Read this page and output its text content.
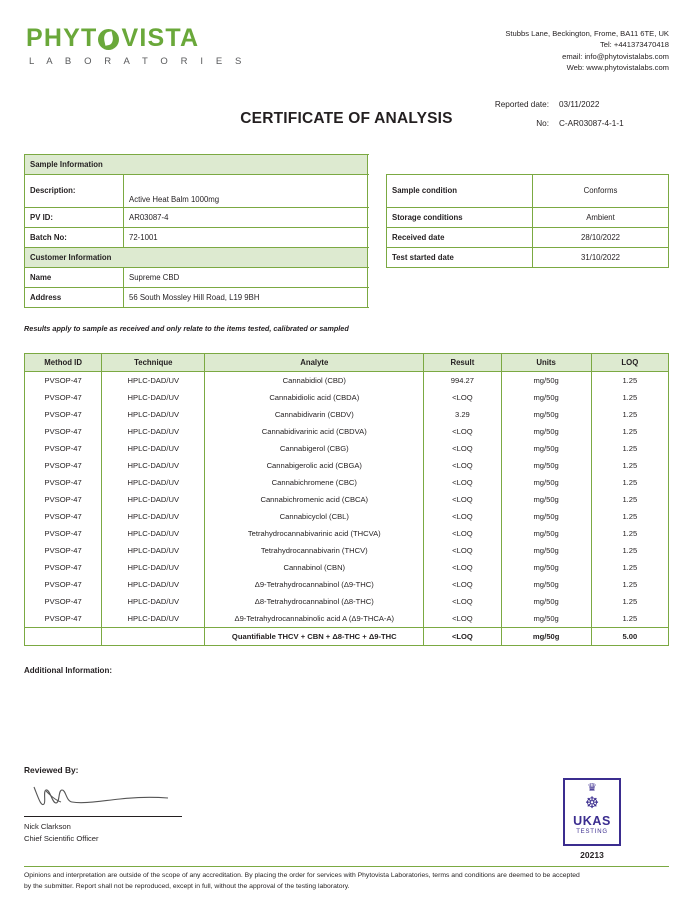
PHYT VISTA
L A B O R A T O R I E S
Stubbs Lane, Beckington, Frome, BA11 6TE, UK
Tel: +441373470418
email: info@phytovistalabs.com
Web: www.phytovistalabs.com
Reported date:	03/11/2022
No:	C-AR03087-4-1-1
CERTIFICATE OF ANALYSIS
Sample Information				
Description:	Active Heat Balm 1000mg		Sample condition	Conforms
PV ID:	AR03087-4		Storage conditions	Ambient
Batch No:	72-1001		Received date	28/10/2022
Customer Information			Test started date	31/10/2022
Name	Supreme CBD			
Address	56 South Mossley Hill Road, L19 9BH			
Results apply to sample as received and only relate to the items tested, calibrated or sampled
Method ID	Technique	Analyte	Result	Units	LOQ
PVSOP-47	HPLC-DAD/UV	Cannabidiol (CBD)	994.27	mg/50g	1.25
PVSOP-47	HPLC-DAD/UV	Cannabidiolic acid (CBDA)	<LOQ	mg/50g	1.25
PVSOP-47	HPLC-DAD/UV	Cannabidivarin (CBDV)	3.29	mg/50g	1.25
PVSOP-47	HPLC-DAD/UV	Cannabidivarinic acid (CBDVA)	<LOQ	mg/50g	1.25
PVSOP-47	HPLC-DAD/UV	Cannabigerol (CBG)	<LOQ	mg/50g	1.25
PVSOP-47	HPLC-DAD/UV	Cannabigerolic acid (CBGA)	<LOQ	mg/50g	1.25
PVSOP-47	HPLC-DAD/UV	Cannabichromene (CBC)	<LOQ	mg/50g	1.25
PVSOP-47	HPLC-DAD/UV	Cannabichromenic acid (CBCA)	<LOQ	mg/50g	1.25
PVSOP-47	HPLC-DAD/UV	Cannabicyclol (CBL)	<LOQ	mg/50g	1.25
PVSOP-47	HPLC-DAD/UV	Tetrahydrocannabivarinic acid (THCVA)	<LOQ	mg/50g	1.25
PVSOP-47	HPLC-DAD/UV	Tetrahydrocannabivarin (THCV)	<LOQ	mg/50g	1.25
PVSOP-47	HPLC-DAD/UV	Cannabinol (CBN)	<LOQ	mg/50g	1.25
PVSOP-47	HPLC-DAD/UV	Δ9-Tetrahydrocannabinol (Δ9-THC)	<LOQ	mg/50g	1.25
PVSOP-47	HPLC-DAD/UV	Δ8-Tetrahydrocannabinol (Δ8-THC)	<LOQ	mg/50g	1.25
PVSOP-47	HPLC-DAD/UV	Δ9-Tetrahydrocannabinolic acid A (Δ9-THCA-A)	<LOQ	mg/50g	1.25
		Quantifiable THCV + CBN + Δ8-THC + Δ9-THC	<LOQ	mg/50g	5.00
Additional Information:
Reviewed By:
Nick Clarkson
Chief Scientific Officer
♛
☸
UKAS
TESTING
20213
Opinions and interpretation are outside of the scope of any accreditation. By placing the order for services with Phytovista Laboratories, terms and conditions are deemed to be accepted
by the submitter. Report shall not be reproduced, except in full, without the approval of the testing laboratory.
